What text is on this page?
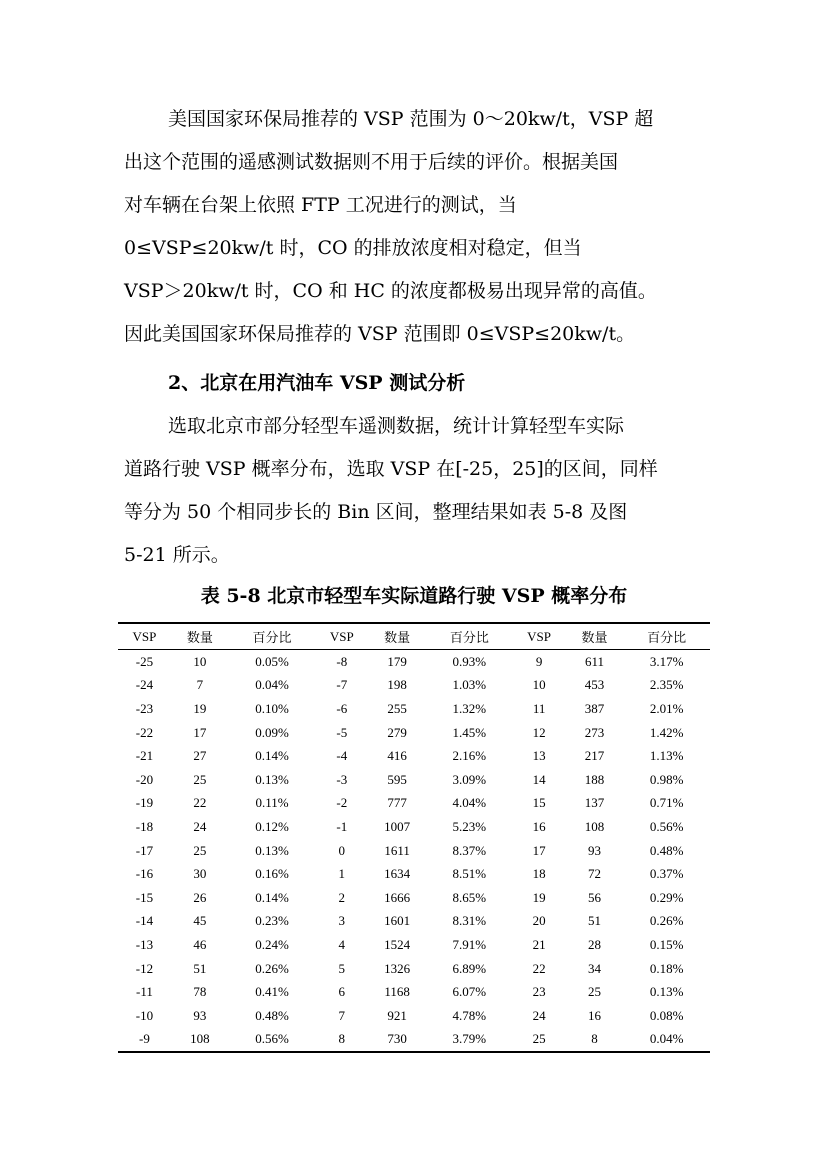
美国国家环保局推荐的 VSP 范围为 0～20kw/t，VSP 超
出这个范围的遥感测试数据则不用于后续的评价。根据美国
对车辆在台架上依照 FTP 工况进行的测试，当
0≤VSP≤20kw/t 时，CO 的排放浓度相对稳定，但当
VSP＞20kw/t 时，CO 和 HC 的浓度都极易出现异常的高值。
因此美国国家环保局推荐的 VSP 范围即 0≤VSP≤20kw/t。

2、北京在用汽油车 VSP 测试分析

选取北京市部分轻型车遥测数据，统计计算轻型车实际
道路行驶 VSP 概率分布，选取 VSP 在[-25，25]的区间，同样
等分为 50 个相同步长的 Bin 区间，整理结果如表 5-8 及图
5-21 所示。

表 5-8 北京市轻型车实际道路行驶 VSP 概率分布
VSP	数量	百分比	VSP	数量	百分比	VSP	数量	百分比
-25	10	0.05%	-8	179	0.93%	9	611	3.17%
-24	7	0.04%	-7	198	1.03%	10	453	2.35%
-23	19	0.10%	-6	255	1.32%	11	387	2.01%
-22	17	0.09%	-5	279	1.45%	12	273	1.42%
-21	27	0.14%	-4	416	2.16%	13	217	1.13%
-20	25	0.13%	-3	595	3.09%	14	188	0.98%
-19	22	0.11%	-2	777	4.04%	15	137	0.71%
-18	24	0.12%	-1	1007	5.23%	16	108	0.56%
-17	25	0.13%	0	1611	8.37%	17	93	0.48%
-16	30	0.16%	1	1634	8.51%	18	72	0.37%
-15	26	0.14%	2	1666	8.65%	19	56	0.29%
-14	45	0.23%	3	1601	8.31%	20	51	0.26%
-13	46	0.24%	4	1524	7.91%	21	28	0.15%
-12	51	0.26%	5	1326	6.89%	22	34	0.18%
-11	78	0.41%	6	1168	6.07%	23	25	0.13%
-10	93	0.48%	7	921	4.78%	24	16	0.08%
-9	108	0.56%	8	730	3.79%	25	8	0.04%
